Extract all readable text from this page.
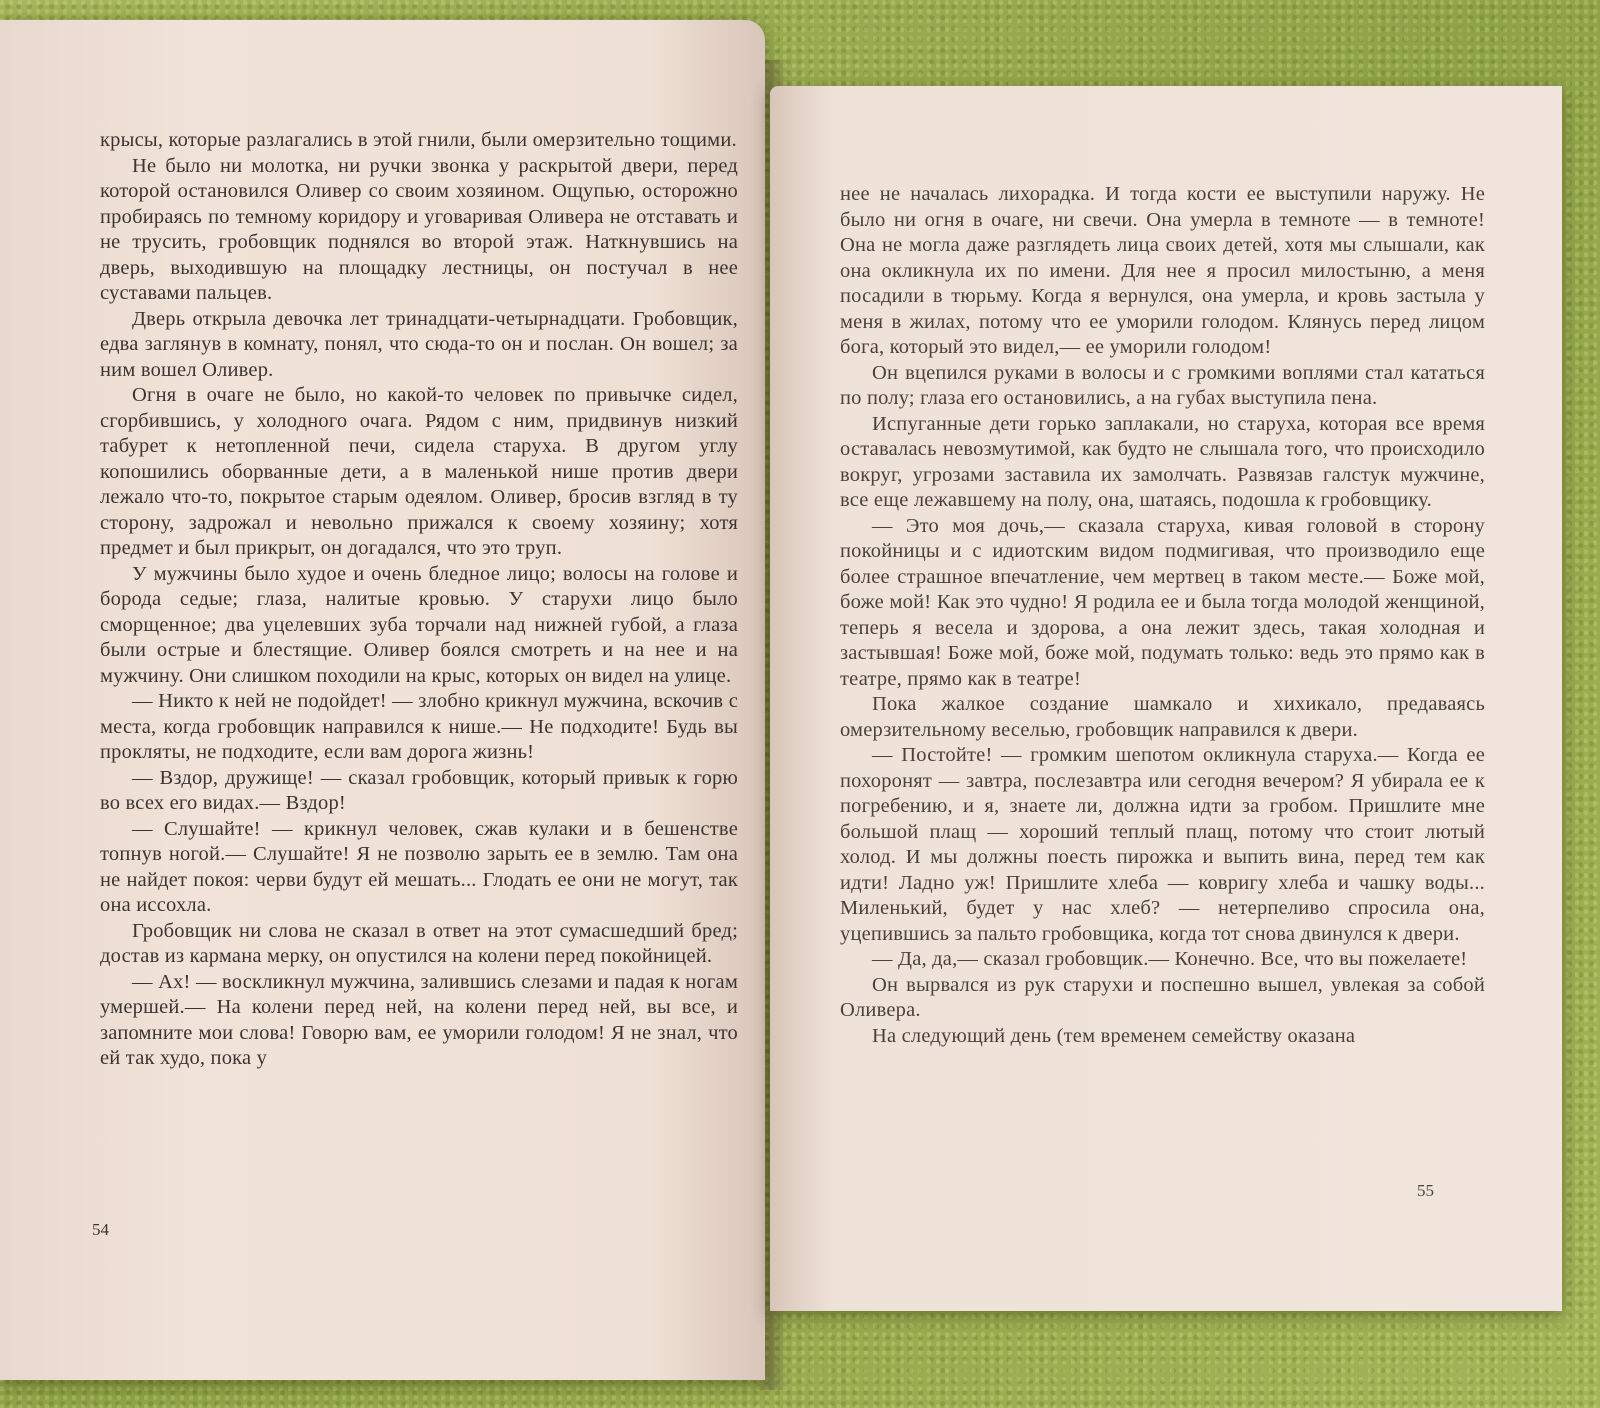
крысы, которые разлагались в этой гнили, были омерзительно тощими.

Не было ни молотка, ни ручки звонка у раскрытой двери, перед которой остановился Оливер со своим хозяином. Ощупью, осторожно пробираясь по темному коридору и уговаривая Оливера не отставать и не трусить, гробовщик поднялся во второй этаж. Наткнувшись на дверь, выходившую на площадку лестницы, он постучал в нее суставами пальцев.

Дверь открыла девочка лет тринадцати-четырнадцати. Гробовщик, едва заглянув в комнату, понял, что сюда-то он и послан. Он вошел; за ним вошел Оливер.

Огня в очаге не было, но какой-то человек по привычке сидел, сгорбившись, у холодного очага. Рядом с ним, придвинув низкий табурет к нетопленной печи, сидела старуха. В другом углу копошились оборванные дети, а в маленькой нише против двери лежало что-то, покрытое старым одеялом. Оливер, бросив взгляд в ту сторону, задрожал и невольно прижался к своему хозяину; хотя предмет и был прикрыт, он догадался, что это труп.

У мужчины было худое и очень бледное лицо; волосы на голове и борода седые; глаза, налитые кровью. У старухи лицо было сморщенное; два уцелевших зуба торчали над нижней губой, а глаза были острые и блестящие. Оливер боялся смотреть и на нее и на мужчину. Они слишком походили на крыс, которых он видел на улице.

— Никто к ней не подойдет! — злобно крикнул мужчина, вскочив с места, когда гробовщик направился к нише.— Не подходите! Будь вы прокляты, не подходите, если вам дорога жизнь!

— Вздор, дружище! — сказал гробовщик, который привык к горю во всех его видах.— Вздор!

— Слушайте! — крикнул человек, сжав кулаки и в бешенстве топнув ногой.— Слушайте! Я не позволю зарыть ее в землю. Там она не найдет покоя: черви будут ей мешать... Глодать ее они не могут, так она иссохла.

Гробовщик ни слова не сказал в ответ на этот сумасшедший бред; достав из кармана мерку, он опустился на колени перед покойницей.

— Ах! — воскликнул мужчина, залившись слезами и падая к ногам умершей.— На колени перед ней, на колени перед ней, вы все, и запомните мои слова! Говорю вам, ее уморили голодом! Я не знал, что ей так худо, пока у

54

нее не началась лихорадка. И тогда кости ее выступили наружу. Не было ни огня в очаге, ни свечи. Она умерла в темноте — в темноте! Она не могла даже разглядеть лица своих детей, хотя мы слышали, как она окликнула их по имени. Для нее я просил милостыню, а меня посадили в тюрьму. Когда я вернулся, она умерла, и кровь застыла у меня в жилах, потому что ее уморили голодом. Клянусь перед лицом бога, который это видел,— ее уморили голодом!

Он вцепился руками в волосы и с громкими воплями стал кататься по полу; глаза его остановились, а на губах выступила пена.

Испуганные дети горько заплакали, но старуха, которая все время оставалась невозмутимой, как будто не слышала того, что происходило вокруг, угрозами заставила их замолчать. Развязав галстук мужчине, все еще лежавшему на полу, она, шатаясь, подошла к гробовщику.

— Это моя дочь,— сказала старуха, кивая головой в сторону покойницы и с идиотским видом подмигивая, что производило еще более страшное впечатление, чем мертвец в таком месте.— Боже мой, боже мой! Как это чудно! Я родила ее и была тогда молодой женщиной, теперь я весела и здорова, а она лежит здесь, такая холодная и застывшая! Боже мой, боже мой, подумать только: ведь это прямо как в театре, прямо как в театре!

Пока жалкое создание шамкало и хихикало, предаваясь омерзительному веселью, гробовщик направился к двери.

— Постойте! — громким шепотом окликнула старуха.— Когда ее похоронят — завтра, послезавтра или сегодня вечером? Я убирала ее к погребению, и я, знаете ли, должна идти за гробом. Пришлите мне большой плащ — хороший теплый плащ, потому что стоит лютый холод. И мы должны поесть пирожка и выпить вина, перед тем как идти! Ладно уж! Пришлите хлеба — ковригу хлеба и чашку воды... Миленький, будет у нас хлеб? — нетерпеливо спросила она, уцепившись за пальто гробовщика, когда тот снова двинулся к двери.

— Да, да,— сказал гробовщик.— Конечно. Все, что вы пожелаете!

Он вырвался из рук старухи и поспешно вышел, увлекая за собой Оливера.

На следующий день (тем временем семейству оказана

55
